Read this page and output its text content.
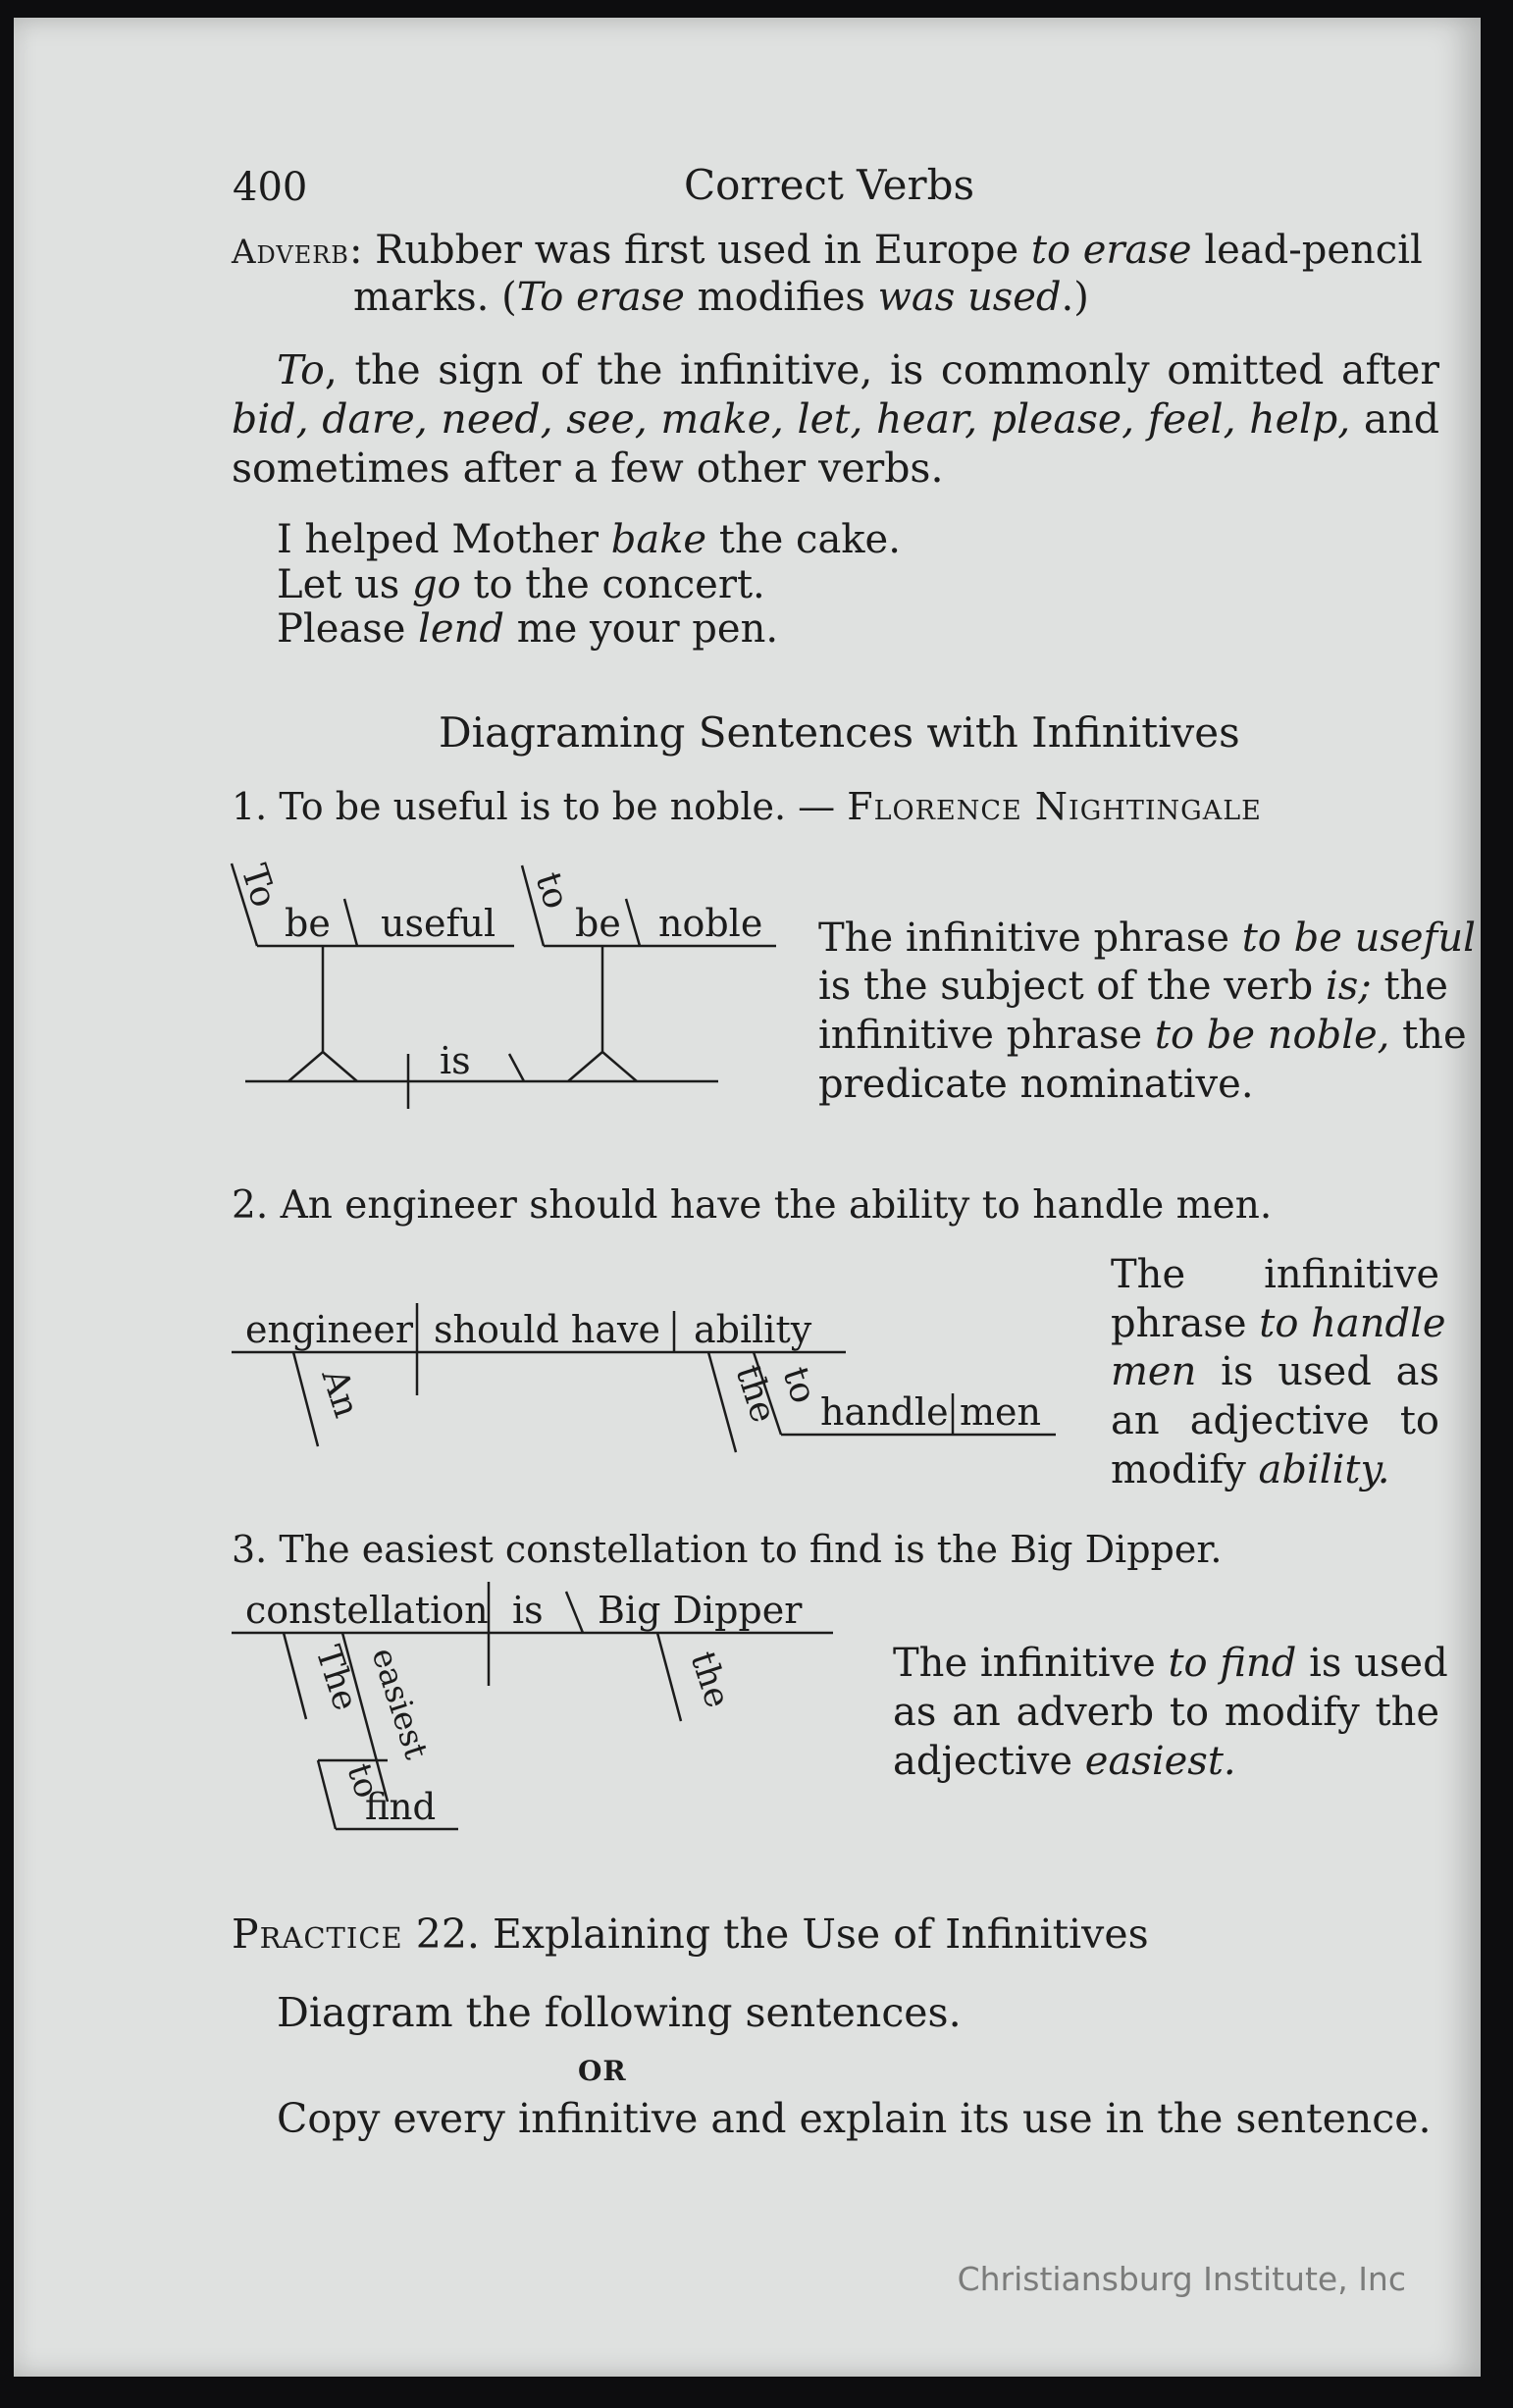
400	Correct Verbs
Adverb: Rubber was first used in Europe to erase lead-pencil
marks. (To erase modifies was used.)
To, the sign of the infinitive, is commonly omitted after
bid, dare, need, see, make, let, hear, please, feel, help, and
sometimes after a few other verbs.
I helped Mother bake the cake.
Let us go to the concert.
Please lend me your pen.
Diagraming Sentences with Infinitives
1. To be useful is to be noble. — Florence Nightingale
To
be useful
to
be noble
is
The infinitive phrase to be useful
is the subject of the verb is; the
infinitive phrase to be noble, the
predicate nominative.
2. An engineer should have the ability to handle men.
engineer should have ability
An	the
to
handle men
The infinitive
phrase to handle
men is used as
an adjective to
modify ability.
3. The easiest constellation to find is the Big Dipper.
constellation is Big Dipper
The easiest
to
find
the	The infinitive to find is used
as an adverb to modify the
adjective easiest.
Practice 22. Explaining the Use of Infinitives
Diagram the following sentences.
OR
Copy every infinitive and explain its use in the sentence.
Christiansburg Institute, Inc
